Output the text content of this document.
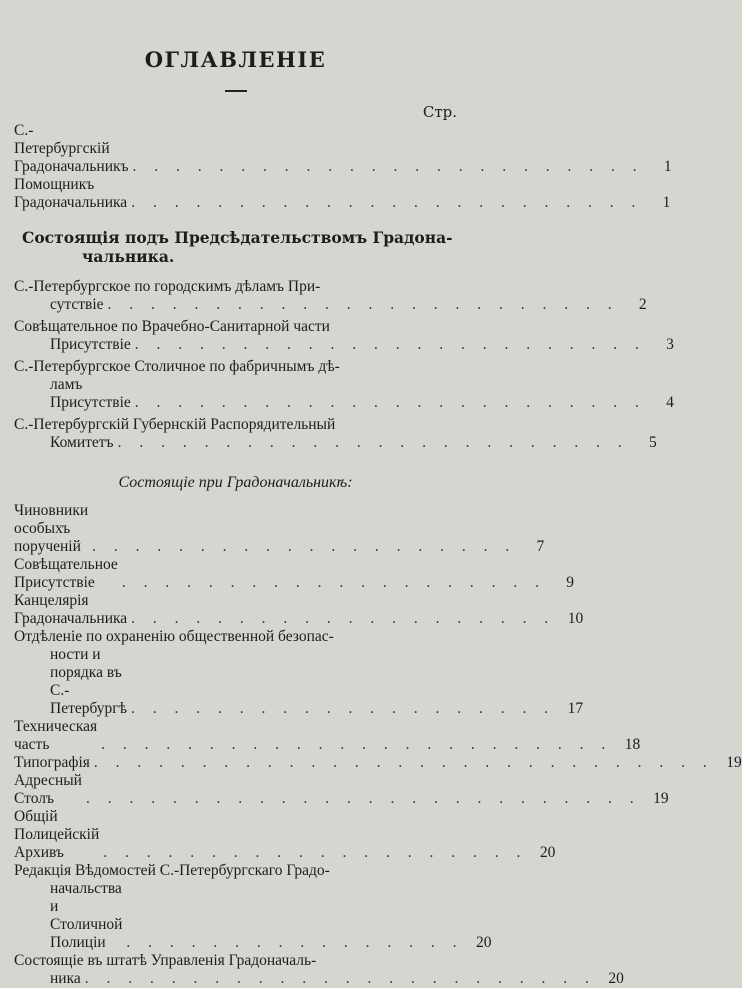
ОГЛАВЛЕНІЕ
Стр.
С.-Петербургскій Градоначальникъ . . . . . . . . . . . . . . . . . . . . . . . .	1
Помощникъ Градоначальника . . . . . . . . . . . . . . . . . . . . . . . .	1
Состоящія подъ Предсѣдательствомъ Градона-
чальника.
С.-Петербургское по городскимъ дѣламъ При-
сутствіе . . . . . . . . . . . . . . . . . . . . . . . .	2
Совѣщательное по Врачебно-Санитарной части
Присутствіе . . . . . . . . . . . . . . . . . . . . . . . .	3
С.-Петербургское Столичное по фабричнымъ дѣ-
ламъ Присутствіе . . . . . . . . . . . . . . . . . . . . . . . .	4
С.-Петербургскій Губернскій Распорядительный
Комитетъ . . . . . . . . . . . . . . . . . . . . . . . .	5
Состоящіе при Градоначальникѣ:
Чиновники особыхъ порученій . . . . . . . . . . . . . . . . . . . .	7
Совѣщательное Присутствіе	. . . . . . . . . . . . . . . . . . . .	9
Канцелярія Градоначальника . . . . . . . . . . . . . . . . . . . . 10
Отдѣленіе по охраненію общественной безопас-
ности и порядка въ С.-Петербургѣ . . . . . . . . . . . . . . . . . . . . 17
Техническая часть	. . . . . . . . . . . . . . . . . . . . . . . . 18
Типографія . . . . . . . . . . . . . . . . . . . . . . . . . . . . . 19
Адресный Столъ	. . . . . . . . . . . . . . . . . . . . . . . . . . 19
Общій Полицейскій Архивъ	. . . . . . . . . . . . . . . . . . . . 20
Редакція Вѣдомостей С.-Петербургскаго Градо-
начальства и Столичной Полиціи	. . . . . . . . . . . . . . . . 20
Состоящіе въ штатѣ Управленія Градоначаль-
ника . . . . . . . . . . . . . . . . . . . . . . . . 20
